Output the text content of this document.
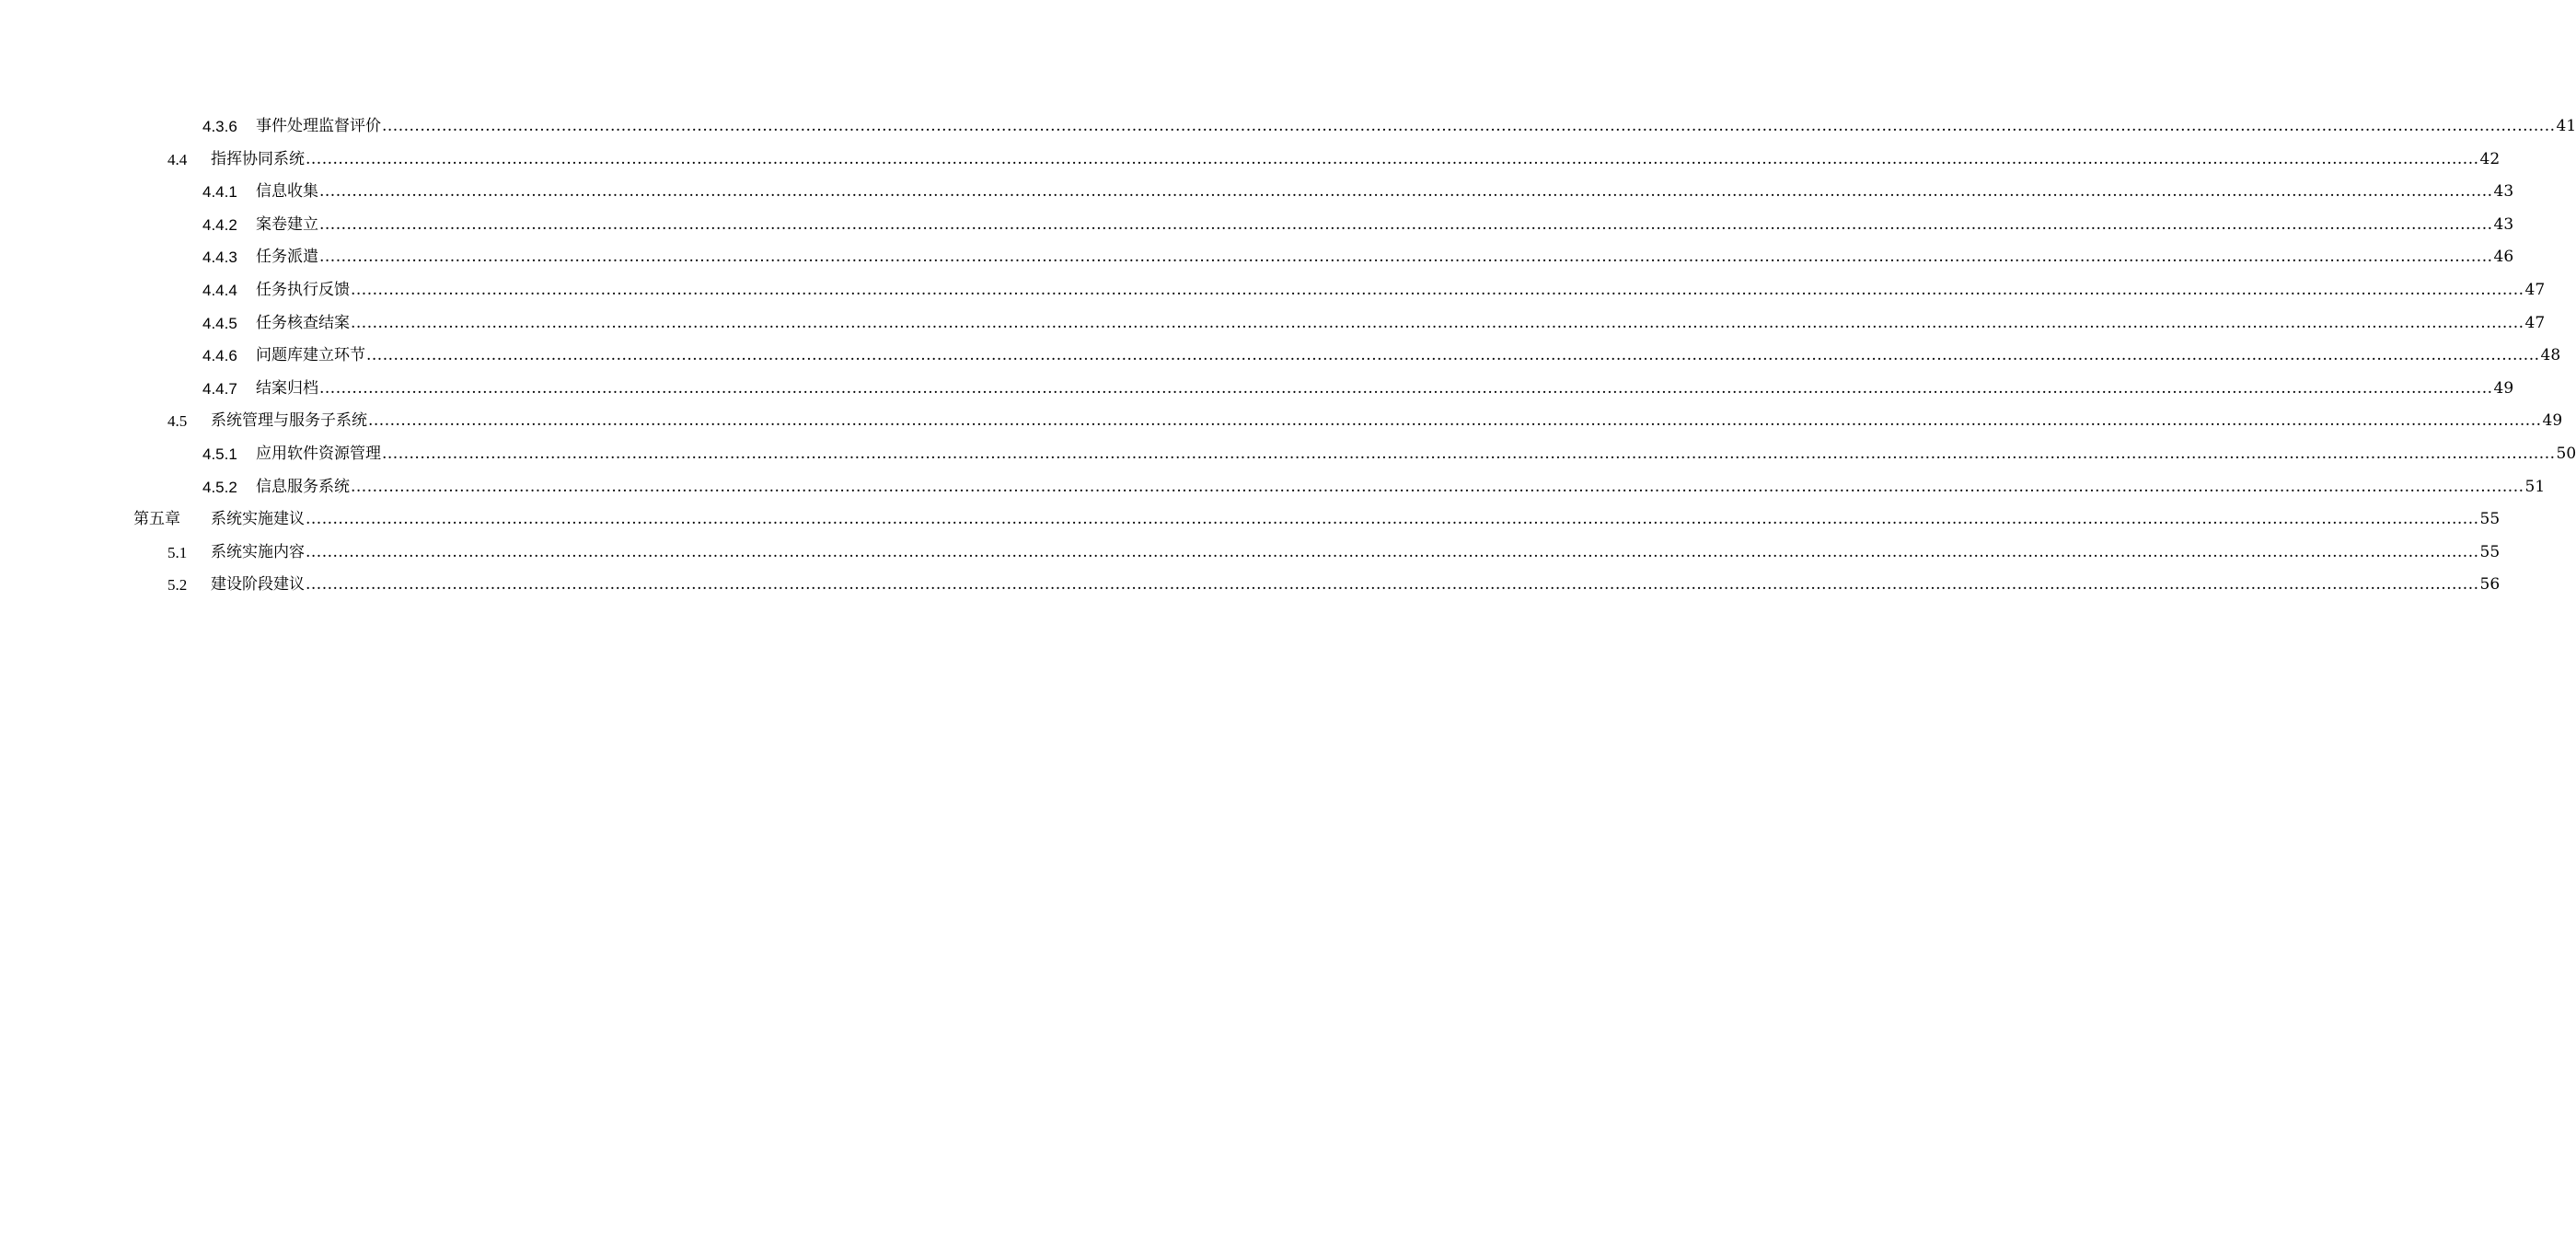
4.3.6 事件处理监督评价 ................................................................................................................................................................................................................................................................................................................................................................................................................ 41
4.4 指挥协同系统 ................................................................................................................................................................................................................................................................................................................................................................................................................ 42
4.4.1 信息收集 ................................................................................................................................................................................................................................................................................................................................................................................................................ 43
4.4.2 案卷建立 ................................................................................................................................................................................................................................................................................................................................................................................................................ 43
4.4.3 任务派遣 ................................................................................................................................................................................................................................................................................................................................................................................................................ 46
4.4.4 任务执行反馈 ................................................................................................................................................................................................................................................................................................................................................................................................................ 47
4.4.5 任务核查结案 ................................................................................................................................................................................................................................................................................................................................................................................................................ 47
4.4.6 问题库建立环节 ................................................................................................................................................................................................................................................................................................................................................................................................................ 48
4.4.7 结案归档 ................................................................................................................................................................................................................................................................................................................................................................................................................ 49
4.5 系统管理与服务子系统 ................................................................................................................................................................................................................................................................................................................................................................................................................ 49
4.5.1 应用软件资源管理 ................................................................................................................................................................................................................................................................................................................................................................................................................ 50
4.5.2 信息服务系统 ................................................................................................................................................................................................................................................................................................................................................................................................................ 51
第五章 系统实施建议 ................................................................................................................................................................................................................................................................................................................................................................................................................ 55
5.1 系统实施内容 ................................................................................................................................................................................................................................................................................................................................................................................................................ 55
5.2 建设阶段建议 ................................................................................................................................................................................................................................................................................................................................................................................................................ 56
